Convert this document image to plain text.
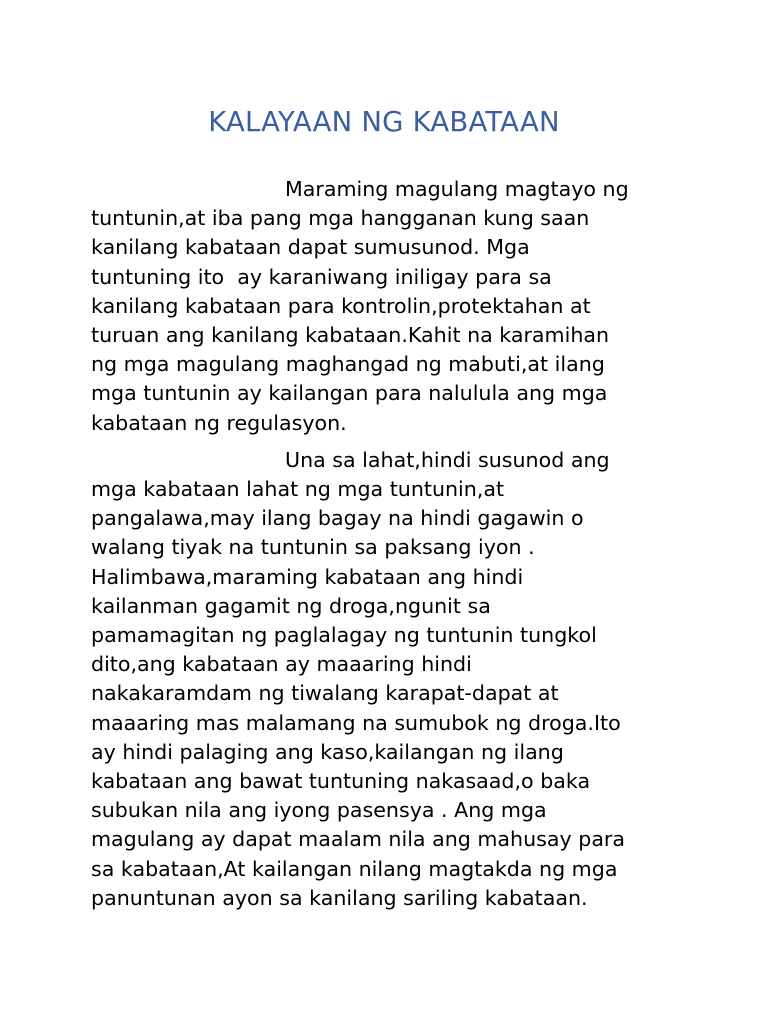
KALAYAAN NG KABATAAN

Maraming magulang magtayo ng
tuntunin,at iba pang mga hangganan kung saan
kanilang kabataan dapat sumusunod. Mga
tuntuning ito  ay karaniwang iniligay para sa
kanilang kabataan para kontrolin,protektahan at
turuan ang kanilang kabataan.Kahit na karamihan
ng mga magulang maghangad ng mabuti,at ilang
mga tuntunin ay kailangan para nalulula ang mga
kabataan ng regulasyon.

Una sa lahat,hindi susunod ang
mga kabataan lahat ng mga tuntunin,at
pangalawa,may ilang bagay na hindi gagawin o
walang tiyak na tuntunin sa paksang iyon .
Halimbawa,maraming kabataan ang hindi
kailanman gagamit ng droga,ngunit sa
pamamagitan ng paglalagay ng tuntunin tungkol
dito,ang kabataan ay maaaring hindi
nakakaramdam ng tiwalang karapat-dapat at
maaaring mas malamang na sumubok ng droga.Ito
ay hindi palaging ang kaso,kailangan ng ilang
kabataan ang bawat tuntuning nakasaad,o baka
subukan nila ang iyong pasensya . Ang mga
magulang ay dapat maalam nila ang mahusay para
sa kabataan,At kailangan nilang magtakda ng mga
panuntunan ayon sa kanilang sariling kabataan.
